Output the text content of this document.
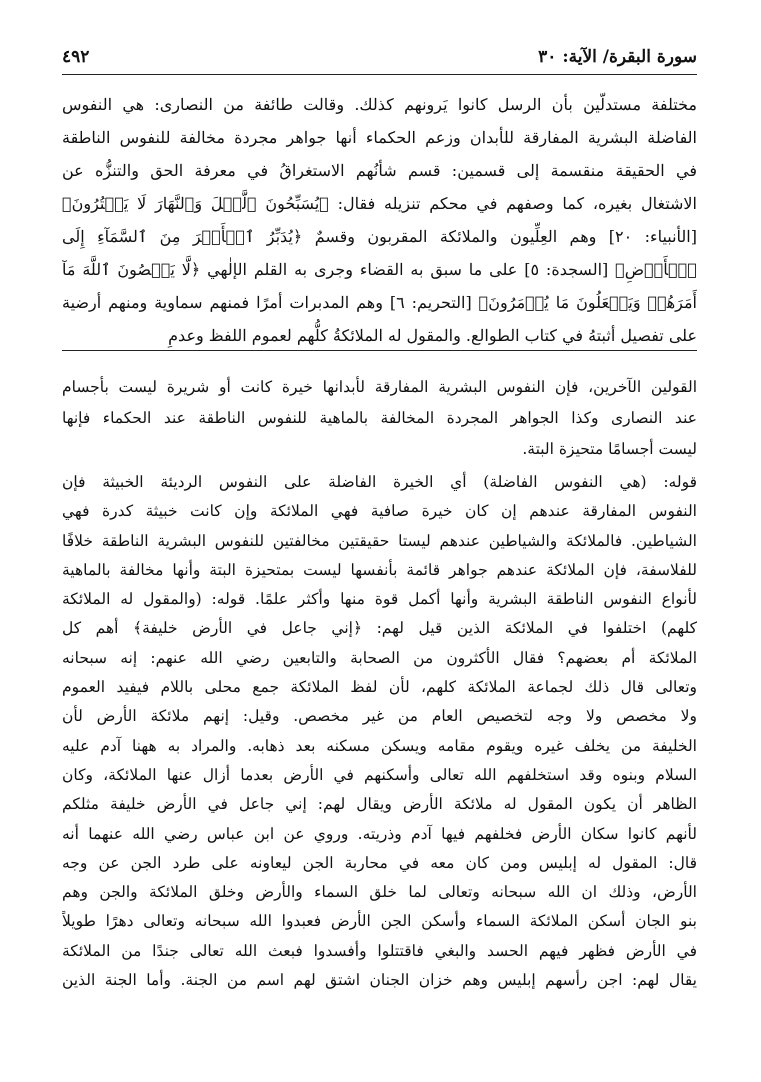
سورة البقرة/ الآية: ٣٠
٤٩٢
مختلفة مستدلّين بأن الرسل كانوا يَرونهم كذلك. وقالت طائفة من النصارى: هي النفوس
الفاضلة البشرية المفارقة للأبدان وزعم الحكماء أنها جواهر مجردة مخالفة للنفوس الناطقة
في الحقيقة منقسمة إلى قسمين: قسم شأنُهم الاستغراقُ في معرفة الحق والتنزُّه عن
الاشتغال بغيره، كما وصفهم في محكم تنزيله فقال: ﴿يُسَبِّحُونَ ٱلَّيۡلَ وَٱلنَّهَارَ لَا يَفۡتُرُونَ﴾
[الأنبياء: ٢٠] وهم العِلِّيون والملائكة المقربون وقسمٌ ﴿يُدَبِّرُ ٱلۡأَمۡرَ مِنَ ٱلسَّمَآءِ إِلَى
ٱلۡأَرۡضِ﴾ [السجدة: ٥] على ما سبق به القضاء وجرى به القلم الإلٰهي ﴿لَّا يَعۡصُونَ ٱللَّهَ مَآ
أَمَرَهُمۡ وَيَفۡعَلُونَ مَا يُؤۡمَرُونَ﴾ [التحريم: ٦] وهم المدبرات أمرًا فمنهم سماوية ومنهم أرضية
على تفصيل أثبتهُ في كتاب الطوالع. والمقول له الملائكةُ كلُّهم لعموم اللفظ وعدمِ
القولين الآخرين، فإن النفوس البشرية المفارقة لأبدانها خيرة كانت أو شريرة ليست بأجسام
عند النصارى وكذا الجواهر المجردة المخالفة بالماهية للنفوس الناطقة عند الحكماء فإنها
ليست أجسامًا متحيزة البتة.
قوله: (هي النفوس الفاضلة) أي الخيرة الفاضلة على النفوس الرديئة الخبيثة فإن
النفوس المفارقة عندهم إن كان خيرة صافية فهي الملائكة وإن كانت خبيثة كدرة فهي
الشياطين. فالملائكة والشياطين عندهم ليستا حقيقتين مخالفتين للنفوس البشرية الناطقة خلافًا
للفلاسفة، فإن الملائكة عندهم جواهر قائمة بأنفسها ليست بمتحيزة البتة وأنها مخالفة بالماهية
لأنواع النفوس الناطقة البشرية وأنها أكمل قوة منها وأكثر علمًا. قوله: (والمقول له الملائكة
كلهم) اختلفوا في الملائكة الذين قيل لهم: ﴿إني جاعل في الأرض خليفة﴾ أهم كل
الملائكة أم بعضهم؟ فقال الأكثرون من الصحابة والتابعين رضي الله عنهم: إنه سبحانه
وتعالى قال ذلك لجماعة الملائكة كلهم، لأن لفظ الملائكة جمع محلى باللام فيفيد العموم
ولا مخصص ولا وجه لتخصيص العام من غير مخصص. وقيل: إنهم ملائكة الأرض لأن
الخليفة من يخلف غيره ويقوم مقامه ويسكن مسكنه بعد ذهابه. والمراد به ههنا آدم عليه
السلام وبنوه وقد استخلفهم الله تعالى وأسكنهم في الأرض بعدما أزال عنها الملائكة، وكان
الظاهر أن يكون المقول له ملائكة الأرض ويقال لهم: إني جاعل في الأرض خليفة مثلكم
لأنهم كانوا سكان الأرض فخلفهم فيها آدم وذريته. وروي عن ابن عباس رضي الله عنهما أنه
قال: المقول له إبليس ومن كان معه في محاربة الجن ليعاونه على طرد الجن عن وجه
الأرض، وذلك ان الله سبحانه وتعالى لما خلق السماء والأرض وخلق الملائكة والجن وهم
بنو الجان أسكن الملائكة السماء وأسكن الجن الأرض فعبدوا الله سبحانه وتعالى دهرًا طويلاً
في الأرض فظهر فيهم الحسد والبغي فاقتتلوا وأفسدوا فبعث الله تعالى جندًا من الملائكة
يقال لهم: اجن رأسهم إبليس وهم خزان الجنان اشتق لهم اسم من الجنة. وأما الجنة الذين
